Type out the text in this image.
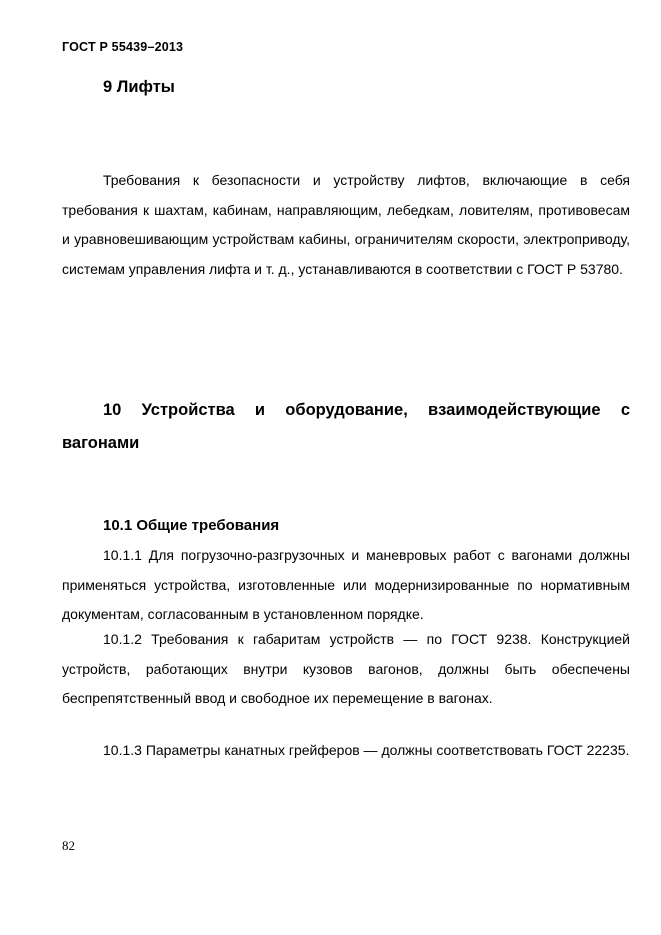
ГОСТ Р 55439–2013
9 Лифты

Требования к безопасности и устройству лифтов, включающие в себя требования к шахтам, кабинам, направляющим, лебедкам, ловителям, противовесам и уравновешивающим устройствам кабины, ограничителям скорости, электроприводу, системам управления лифта и т. д., устанавливаются в соответствии с ГОСТ Р 53780.

10 Устройства и оборудование, взаимодействующие с вагонами

10.1 Общие требования

10.1.1 Для погрузочно-разгрузочных и маневровых работ с вагонами должны применяться устройства, изготовленные или модернизированные по нормативным документам, согласованным в установленном порядке.

10.1.2 Требования к габаритам устройств — по ГОСТ 9238. Конструкцией устройств, работающих внутри кузовов вагонов, должны быть обеспечены беспрепятственный ввод и свободное их перемещение в вагонах.

10.1.3 Параметры канатных грейферов — должны соответствовать ГОСТ 22235.

82
